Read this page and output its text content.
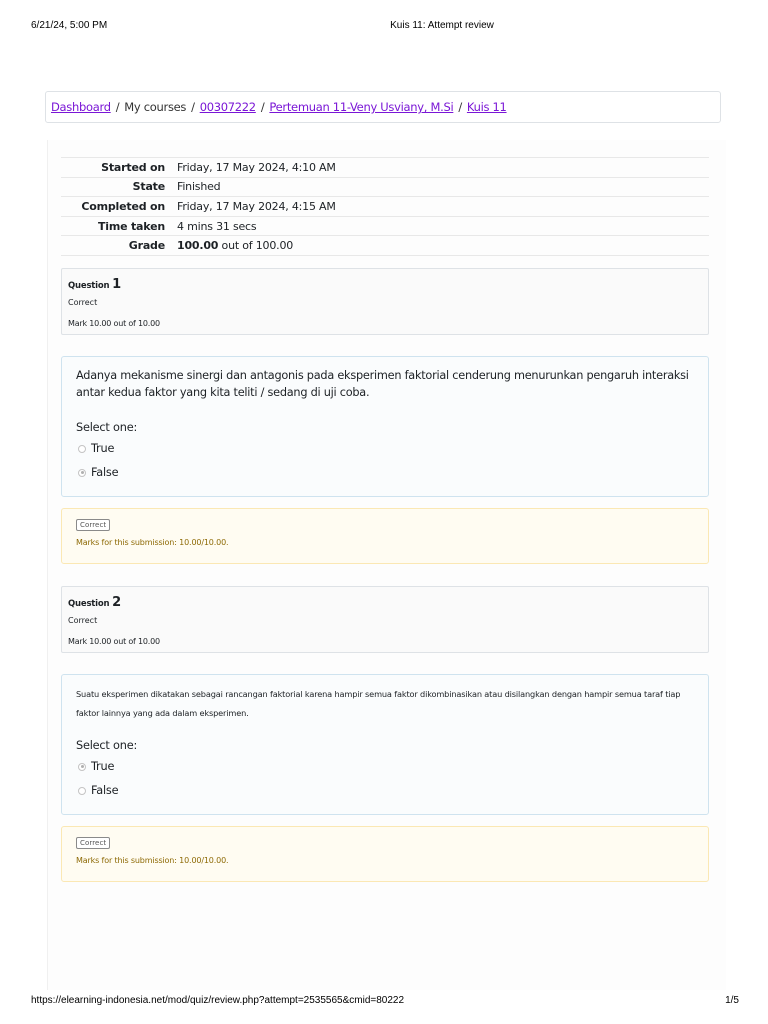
6/21/24, 5:00 PM	Kuis 11: Attempt review
Dashboard / My courses / 00307222 / Pertemuan 11-Veny Usviany, M.Si / Kuis 11
Started on	Friday, 17 May 2024, 4:10 AM
State	Finished
Completed on	Friday, 17 May 2024, 4:15 AM
Time taken	4 mins 31 secs
Grade	100.00 out of 100.00
Question 1
Correct
Mark 10.00 out of 10.00
Adanya mekanisme sinergi dan antagonis pada eksperimen faktorial cenderung menurunkan pengaruh interaksi antar kedua faktor yang kita teliti / sedang di uji coba.
Select one:
True
False
Correct
Marks for this submission: 10.00/10.00.
Question 2
Correct
Mark 10.00 out of 10.00
Suatu eksperimen dikatakan sebagai rancangan faktorial karena hampir semua faktor dikombinasikan atau disilangkan dengan hampir semua taraf tiap faktor lainnya yang ada dalam eksperimen.
Select one:
True
False
Correct
Marks for this submission: 10.00/10.00.
https://elearning-indonesia.net/mod/quiz/review.php?attempt=2535565&cmid=80222	1/5
